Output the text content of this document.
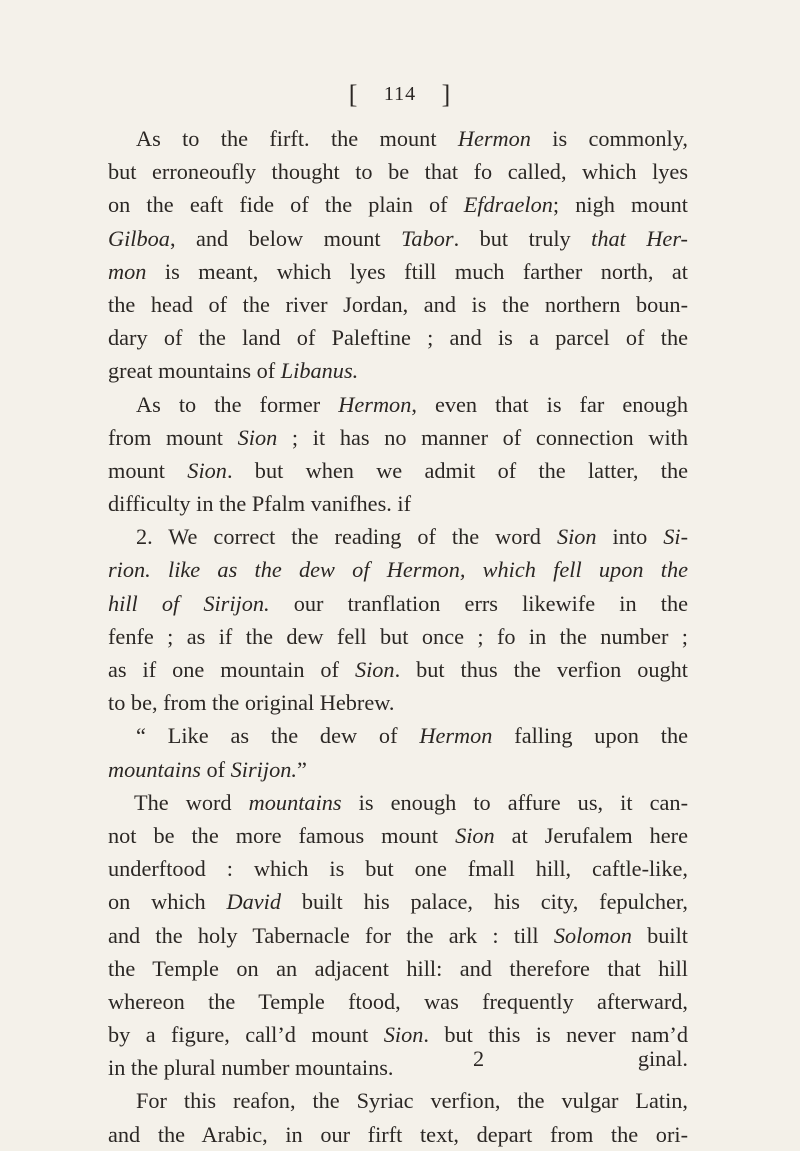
[ 114 ]
As to the firft. the mount Hermon is commonly,
but erroneoufly thought to be that fo called, which lyes
on the eaft fide of the plain of Efdraelon; nigh mount
Gilboa, and below mount Tabor. but truly that Her-
mon is meant, which lyes ftill much farther north, at
the head of the river Jordan, and is the northern boun-
dary of the land of Paleftine ; and is a parcel of the
great mountains of Libanus.
As to the former Hermon, even that is far enough
from mount Sion ; it has no manner of connection with
mount Sion. but when we admit of the latter, the
difficulty in the Pfalm vanifhes. if
2. We correct the reading of the word Sion into Si-
rion. like as the dew of Hermon, which fell upon the
hill of Sirijon. our tranflation errs likewife in the
fenfe ; as if the dew fell but once ; fo in the number ;
as if one mountain of Sion. but thus the verfion ought
to be, from the original Hebrew.
“ Like as the dew of Hermon falling upon the
mountains of Sirijon.”
The word mountains is enough to affure us, it can-
not be the more famous mount Sion at Jerufalem here
underftood : which is but one fmall hill, caftle-like,
on which David built his palace, his city, fepulcher,
and the holy Tabernacle for the ark : till Solomon built
the Temple on an adjacent hill: and therefore that hill
whereon the Temple ftood, was frequently afterward,
by a figure, call’d mount Sion. but this is never nam’d
in the plural number mountains.
For this reafon, the Syriac verfion, the vulgar Latin,
and the Arabic, in our firft text, depart from the ori-
2	ginal.
